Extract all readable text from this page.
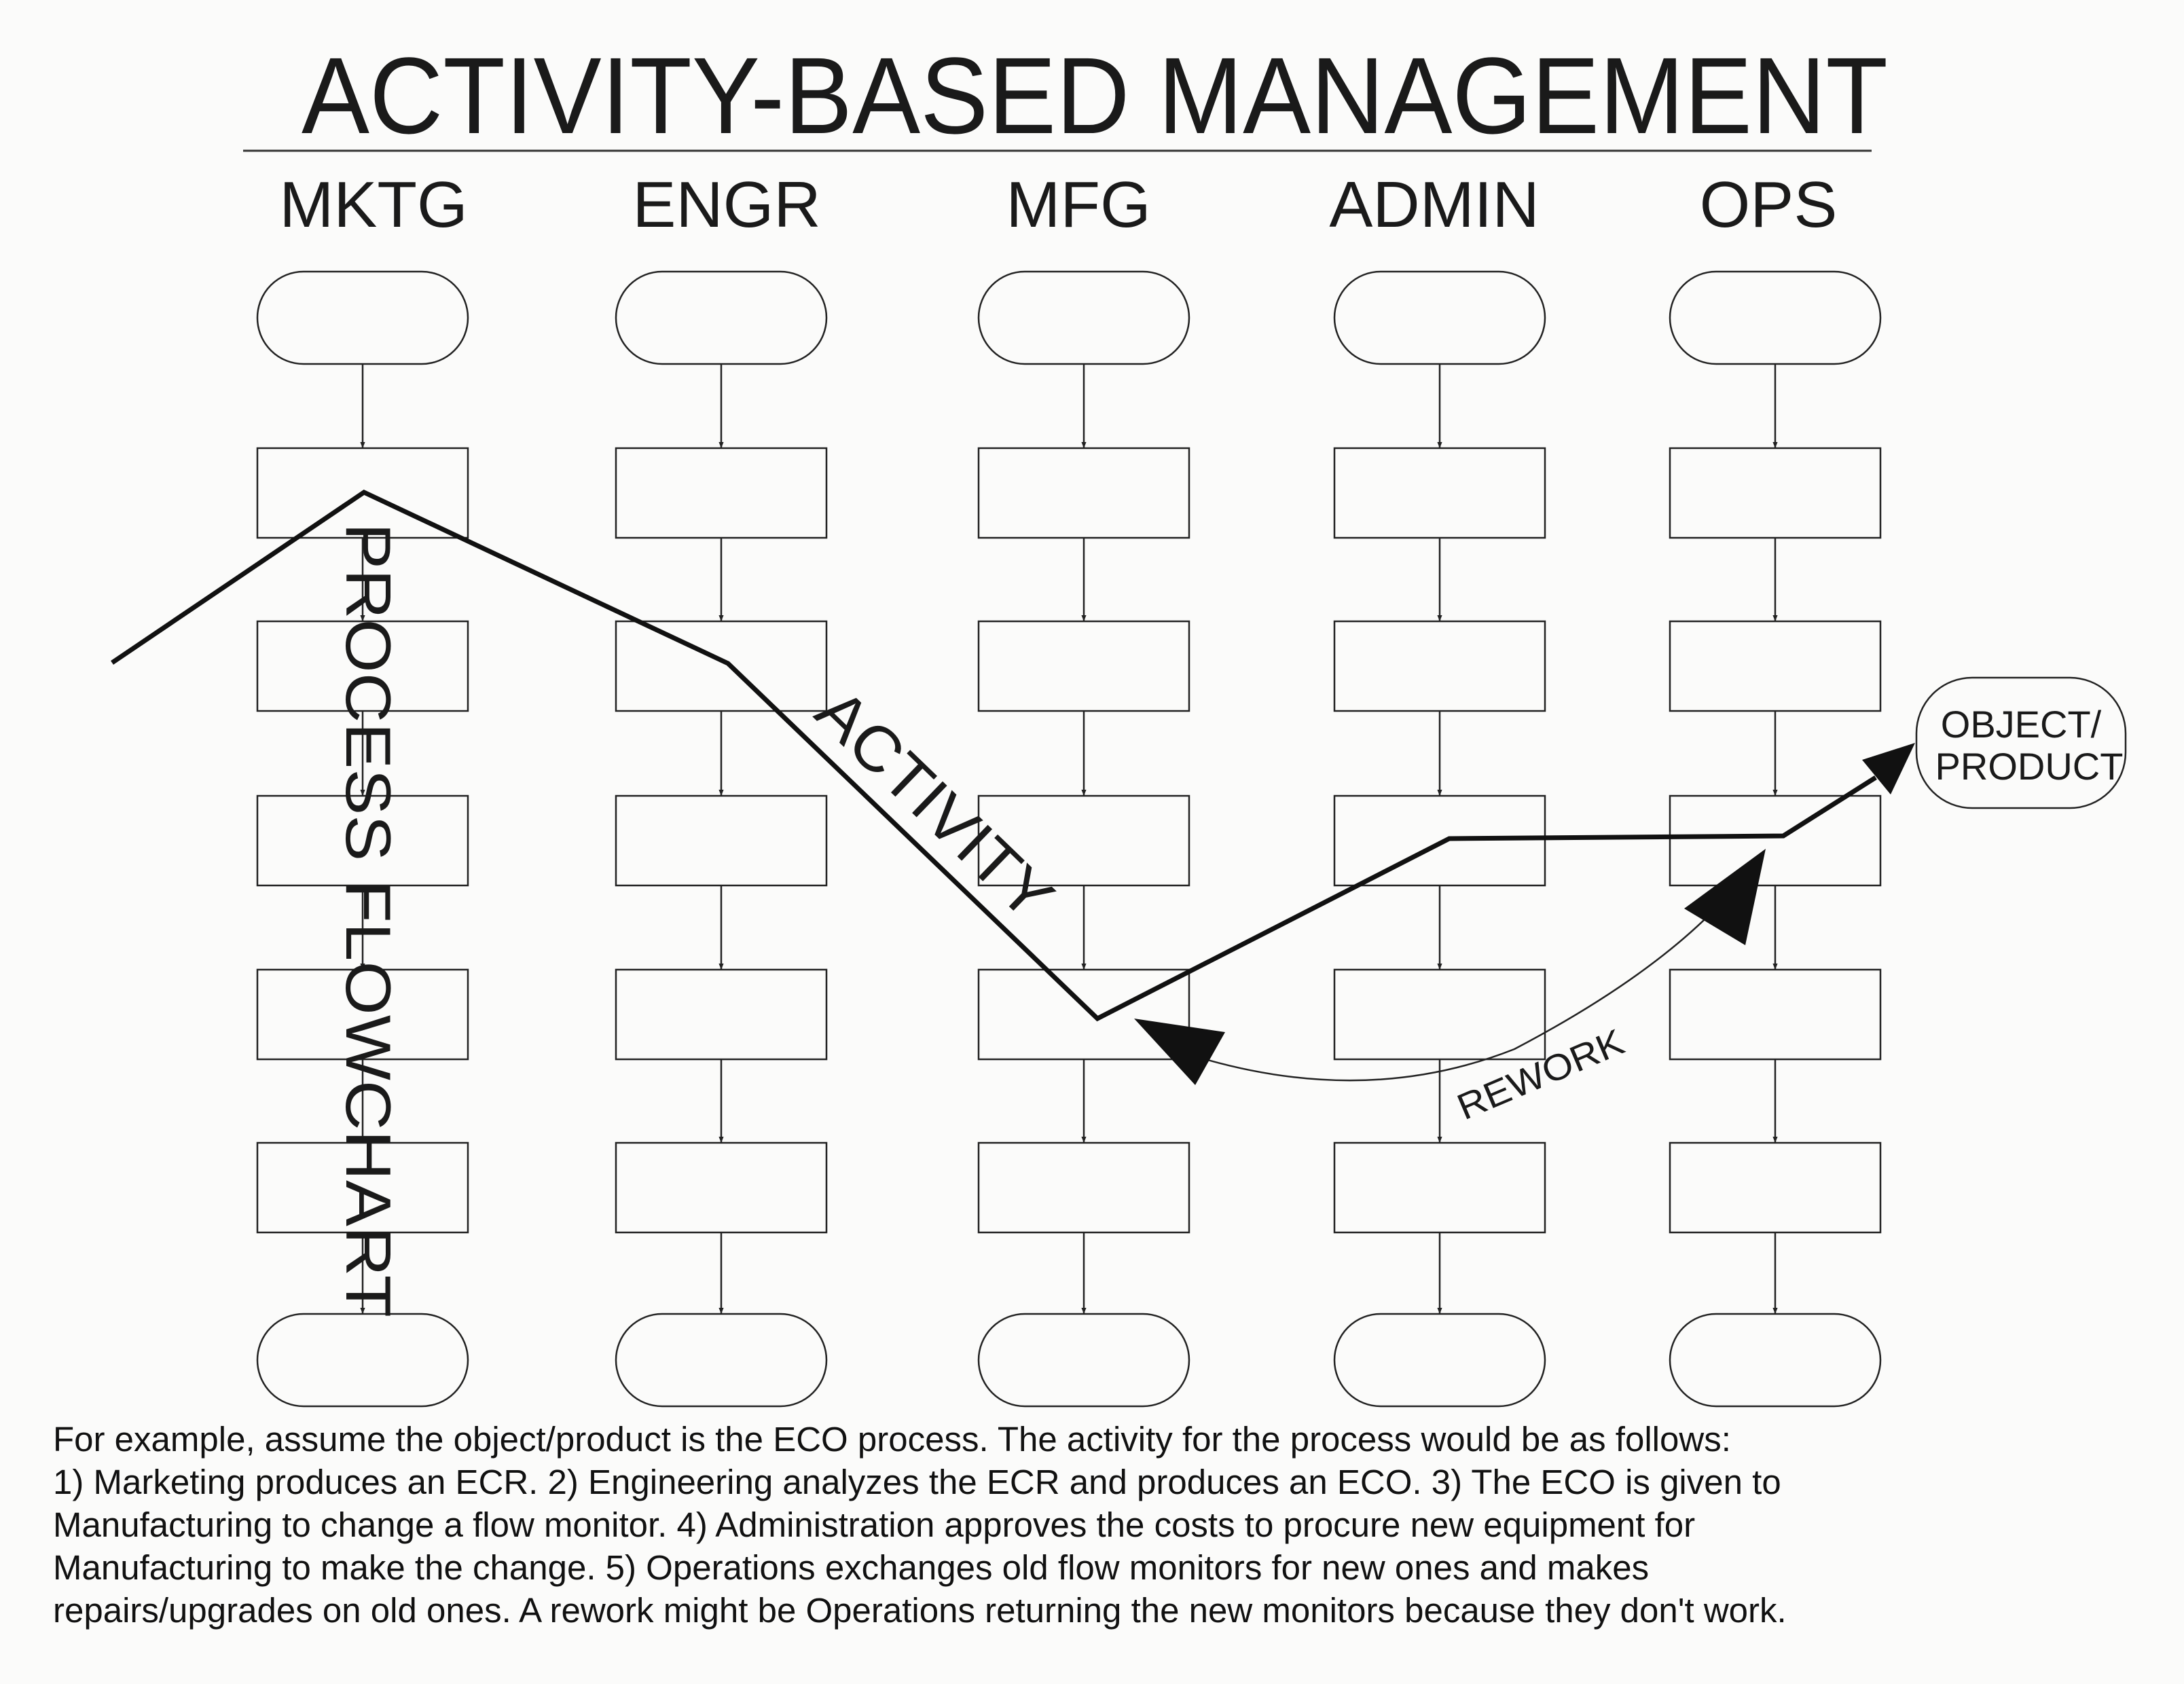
ACTIVITY-BASED MANAGEMENT
MKTG	ENGR	MFG	ADMIN OPS
PROCESS FLOWCHART	ACTIVITY
REWORK
OBJECT/
PRODUCT
For example, assume the object/product is the ECO process. The activity for the process would be as follows:
1) Marketing produces an ECR. 2) Engineering analyzes the ECR and produces an ECO. 3) The ECO is given to
Manufacturing to change a flow monitor. 4) Administration approves the costs to procure new equipment for
Manufacturing to make the change. 5) Operations exchanges old flow monitors for new ones and makes
repairs/upgrades on old ones. A rework might be Operations returning the new monitors because they don't work.
